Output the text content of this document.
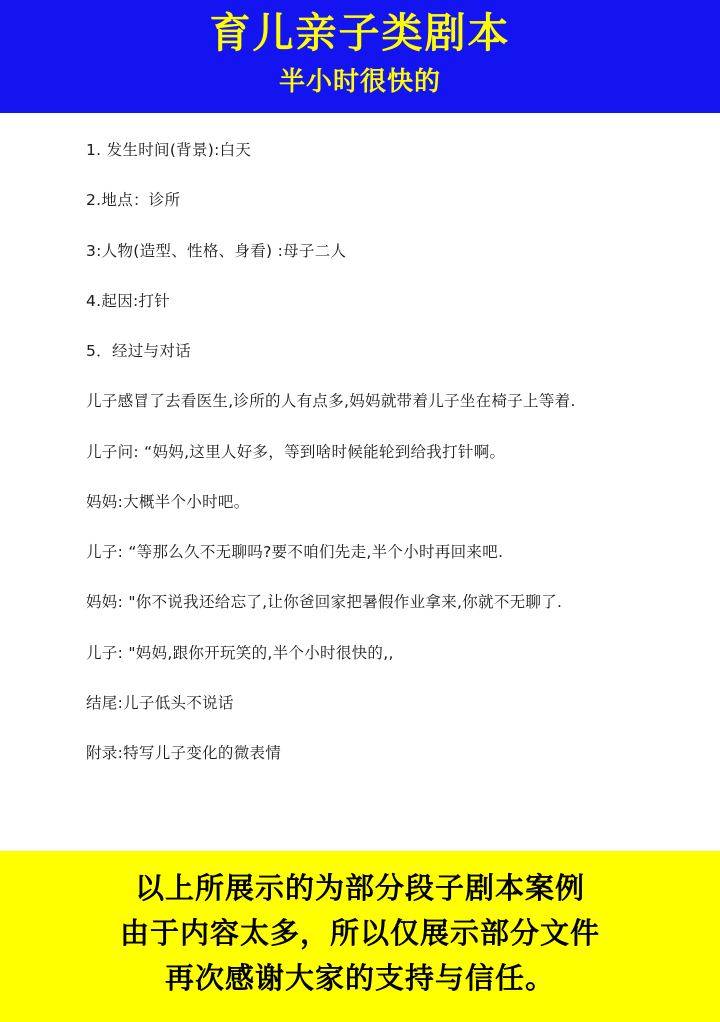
育儿亲子类剧本
半小时很快的

1. 发生时间(背景):白天

2.地点：诊所

3:人物(造型、性格、身看) :母子二人

4.起因:打针

5．经过与对话

儿子感冒了去看医生,诊所的人有点多,妈妈就带着儿子坐在椅子上等着.

儿子问: “妈妈,这里人好多，等到啥时候能轮到给我打针啊。

妈妈:大概半个小时吧。

儿子: “等那么久不无聊吗?要不咱们先走,半个小时再回来吧.

妈妈: "你不说我还给忘了,让你爸回家把暑假作业拿来,你就不无聊了.

儿子: "妈妈,跟你开玩笑的,半个小时很快的,,

结尾:儿子低头不说话

附录:特写儿子变化的微表情

以上所展示的为部分段子剧本案例
由于内容太多，所以仅展示部分文件
再次感谢大家的支持与信任。
